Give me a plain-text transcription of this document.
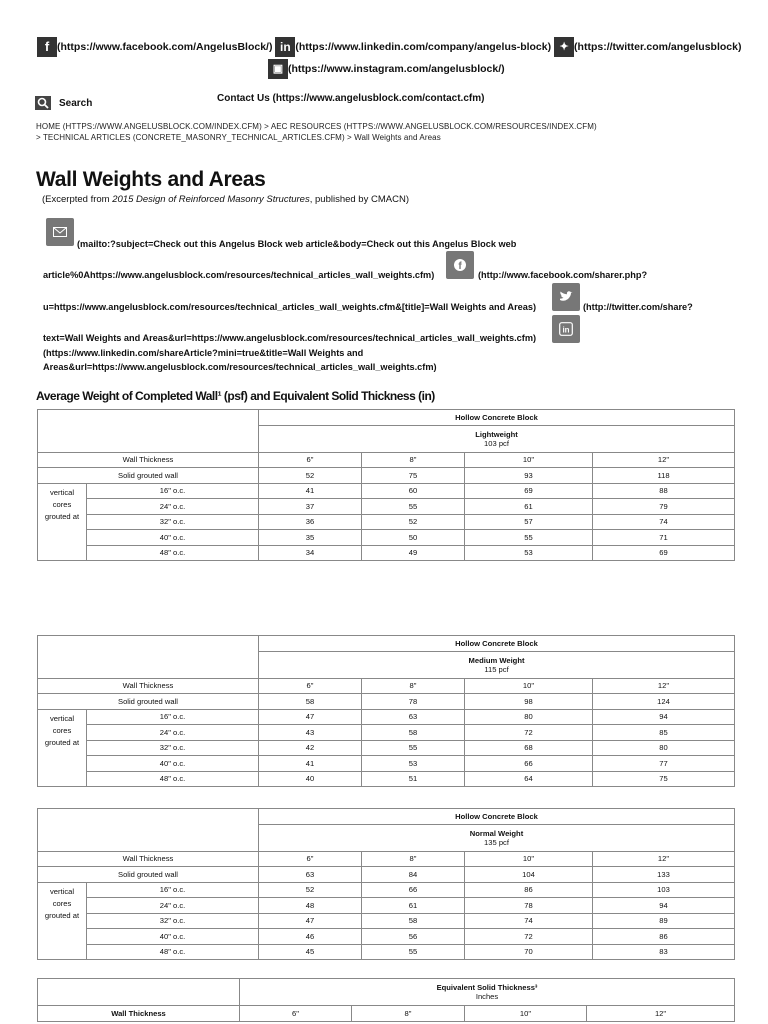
f (https://www.facebook.com/AngelusBlock/) in (https://www.linkedin.com/company/angelus-block) ✦ (https://twitter.com/angelusblock)
▣ (https://www.instagram.com/angelusblock/)
Search	Contact Us (https://www.angelusblock.com/contact.cfm)
HOME (HTTPS://WWW.ANGELUSBLOCK.COM/INDEX.CFM) > AEC RESOURCES (HTTPS://WWW.ANGELUSBLOCK.COM/RESOURCES/INDEX.CFM)
> TECHNICAL ARTICLES (CONCRETE_MASONRY_TECHNICAL_ARTICLES.CFM) > Wall Weights and Areas
Wall Weights and Areas
(Excerpted from 2015 Design of Reinforced Masonry Structures, published by CMACN)
(mailto:?subject=Check out this Angelus Block web article&body=Check out this Angelus Block web
article%0Ahttps://www.angelusblock.com/resources/technical_articles_wall_weights.cfm)
f
(http://www.facebook.com/sharer.php?
u=https://www.angelusblock.com/resources/technical_articles_wall_weights.cfm&[title]=Wall Weights and Areas)	(http://twitter.com/share?
text=Wall Weights and Areas&url=https://www.angelusblock.com/resources/technical_articles_wall_weights.cfm)
in
(https://www.linkedin.com/shareArticle?mini=true&title=Wall Weights and
Areas&url=https://www.angelusblock.com/resources/technical_articles_wall_weights.cfm)
Average Weight of Completed Wall¹ (psf) and Equivalent Solid Thickness (in)
		Hollow Concrete Block			

		Lightweight
103 pcf			

Wall Thickness		6"	8"	10"	12"
Solid grouted wall		52	75	93	118

vertical
cores
grouted at	16" o.c.	41	60	69	88
	24" o.c.	37	55	61	79
	32" o.c.	36	52	57	74
	40" o.c.	35	50	55	71
	48" o.c.	34	49	53	69
		Hollow Concrete Block			

		Medium Weight
115 pcf			

Wall Thickness		6"	8"	10"	12"
Solid grouted wall		58	78	98	124

vertical
cores
grouted at	16" o.c.	47	63	80	94
	24" o.c.	43	58	72	85
	32" o.c.	42	55	68	80
	40" o.c.	41	53	66	77
	48" o.c.	40	51	64	75
		Hollow Concrete Block			

		Normal Weight
135 pcf			

Wall Thickness		6"	8"	10"	12"
Solid grouted wall		63	84	104	133

vertical
cores
grouted at	16" o.c.	52	66	86	103
	24" o.c.	48	61	78	94
	32" o.c.	47	58	74	89
	40" o.c.	46	56	72	86
	48" o.c.	45	55	70	83

	Equivalent Solid Thickness³
Inches			

Wall Thickness	6"	8"	10"	12"
